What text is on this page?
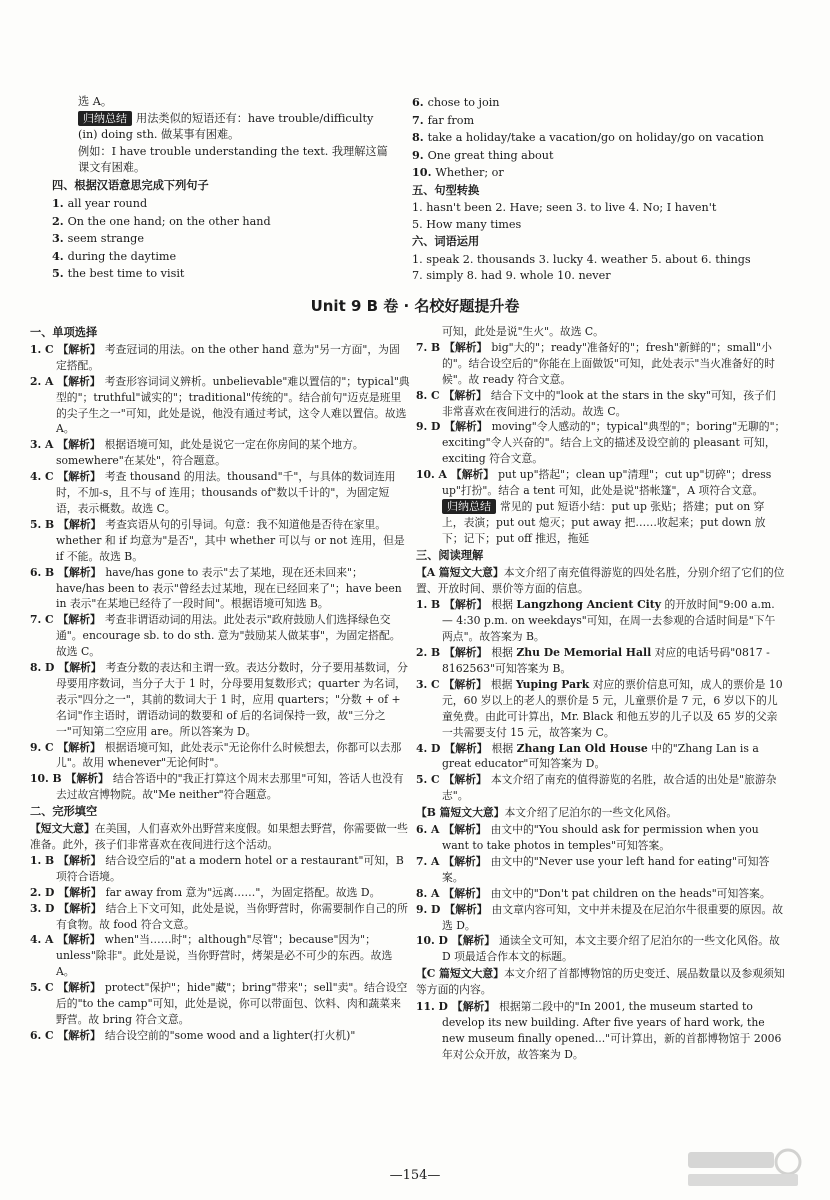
选 A。

归纳总结 用法类似的短语还有：have trouble/difficulty (in) doing sth. 做某事有困难。

例如：I have trouble understanding the text. 我理解这篇课文有困难。

四、根据汉语意思完成下列句子

1. all year round

2. On the one hand; on the other hand

3. seem strange

4. during the daytime

5. the best time to visit

6. chose to join

7. far from

8. take a holiday/take a vacation/go on holiday/go on vacation

9. One great thing about

10. Whether; or

五、句型转换

1. hasn't been 2. Have; seen 3. to live 4. No; I haven't

5. How many times

六、词语运用

1. speak 2. thousands 3. lucky 4. weather 5. about 6. things

7. simply 8. had 9. whole 10. never

Unit 9 B 卷 · 名校好题提升卷

一、单项选择

1. C 【解析】 考查冠词的用法。on the other hand 意为"另一方面"，为固定搭配。

2. A 【解析】 考查形容词词义辨析。unbelievable"难以置信的"；typical"典型的"；truthful"诚实的"；traditional"传统的"。结合前句"迈克是班里的尖子生之一"可知，此处是说，他没有通过考试，这令人难以置信。故选 A。

3. A 【解析】 根据语境可知，此处是说它一定在你房间的某个地方。somewhere"在某处"，符合题意。

4. C 【解析】 考查 thousand 的用法。thousand"千"，与具体的数词连用时，不加-s，且不与 of 连用；thousands of"数以千计的"，为固定短语，表示概数。故选 C。

5. B 【解析】 考查宾语从句的引导词。句意：我不知道他是否待在家里。whether 和 if 均意为"是否"，其中 whether 可以与 or not 连用，但是 if 不能。故选 B。

6. B 【解析】 have/has gone to 表示"去了某地，现在还未回来"；have/has been to 表示"曾经去过某地，现在已经回来了"；have been in 表示"在某地已经待了一段时间"。根据语境可知选 B。

7. C 【解析】 考查非谓语动词的用法。此处表示"政府鼓励人们选择绿色交通"。encourage sb. to do sth. 意为"鼓励某人做某事"，为固定搭配。故选 C。

8. D 【解析】 考查分数的表达和主谓一致。表达分数时，分子要用基数词，分母要用序数词，当分子大于 1 时，分母要用复数形式；quarter 为名词，表示"四分之一"，其前的数词大于 1 时，应用 quarters；"分数 + of + 名词"作主语时，谓语动词的数要和 of 后的名词保持一致，故"三分之一"可知第二空应用 are。所以答案为 D。

9. C 【解析】 根据语境可知，此处表示"无论你什么时候想去，你都可以去那儿"。故用 whenever"无论何时"。

10. B 【解析】 结合答语中的"我正打算这个周末去那里"可知，答话人也没有去过故宫博物院。故"Me neither"符合题意。

二、完形填空

【短文大意】在美国，人们喜欢外出野营来度假。如果想去野营，你需要做一些准备。此外，孩子们非常喜欢在夜间进行这个活动。

1. B 【解析】 结合设空后的"at a modern hotel or a restaurant"可知，B 项符合语境。

2. D 【解析】 far away from 意为"远离……"，为固定搭配。故选 D。

3. D 【解析】 结合上下文可知，此处是说，当你野营时，你需要制作自己的所有食物。故 food 符合文意。

4. A 【解析】 when"当……时"；although"尽管"；because"因为"；unless"除非"。此处是说，当你野营时，烤架是必不可少的东西。故选 A。

5. C 【解析】 protect"保护"；hide"藏"；bring"带来"；sell"卖"。结合设空后的"to the camp"可知，此处是说，你可以带面包、饮料、肉和蔬菜来野营。故 bring 符合文意。

6. C 【解析】 结合设空前的"some wood and a lighter(打火机)"

可知，此处是说"生火"。故选 C。

7. B 【解析】 big"大的"；ready"准备好的"；fresh"新鲜的"；small"小的"。结合设空后的"你能在上面做饭"可知，此处表示"当火准备好的时候"。故 ready 符合文意。

8. C 【解析】 结合下文中的"look at the stars in the sky"可知，孩子们非常喜欢在夜间进行的活动。故选 C。

9. D 【解析】 moving"令人感动的"；typical"典型的"；boring"无聊的"；exciting"令人兴奋的"。结合上文的描述及设空前的 pleasant 可知，exciting 符合文意。

10. A 【解析】 put up"搭起"；clean up"清理"；cut up"切碎"；dress up"打扮"。结合 a tent 可知，此处是说"搭帐篷"，A 项符合文意。

归纳总结 常见的 put 短语小结：put up 张贴；搭建；put on 穿上，表演；put out 熄灭；put away 把……收起来；put down 放下；记下；put off 推迟，拖延

三、阅读理解

【A 篇短文大意】本文介绍了南充值得游览的四处名胜，分别介绍了它们的位置、开放时间、票价等方面的信息。

1. B 【解析】 根据 Langzhong Ancient City 的开放时间"9:00 a.m. — 4:30 p.m. on weekdays"可知，在周一去参观的合适时间是"下午两点"。故答案为 B。

2. B 【解析】 根据 Zhu De Memorial Hall 对应的电话号码"0817 - 8162563"可知答案为 B。

3. C 【解析】 根据 Yuping Park 对应的票价信息可知，成人的票价是 10 元，60 岁以上的老人的票价是 5 元，儿童票价是 7 元，6 岁以下的儿童免费。由此可计算出，Mr. Black 和他五岁的儿子以及 65 岁的父亲一共需要支付 15 元，故答案为 C。

4. D 【解析】 根据 Zhang Lan Old House 中的"Zhang Lan is a great educator"可知答案为 D。

5. C 【解析】 本文介绍了南充的值得游览的名胜，故合适的出处是"旅游杂志"。

【B 篇短文大意】本文介绍了尼泊尔的一些文化风俗。

6. A 【解析】 由文中的"You should ask for permission when you want to take photos in temples"可知答案。

7. A 【解析】 由文中的"Never use your left hand for eating"可知答案。

8. A 【解析】 由文中的"Don't pat children on the heads"可知答案。

9. D 【解析】 由文章内容可知，文中并未提及在尼泊尔牛很重要的原因。故选 D。

10. D 【解析】 通读全文可知，本文主要介绍了尼泊尔的一些文化风俗。故 D 项最适合作本文的标题。

【C 篇短文大意】本文介绍了首都博物馆的历史变迁、展品数量以及参观须知等方面的内容。

11. D 【解析】 根据第二段中的"In 2001, the museum started to develop its new building. After five years of hard work, the new museum finally opened..."可计算出，新的首都博物馆于 2006 年对公众开放，故答案为 D。

—154—
